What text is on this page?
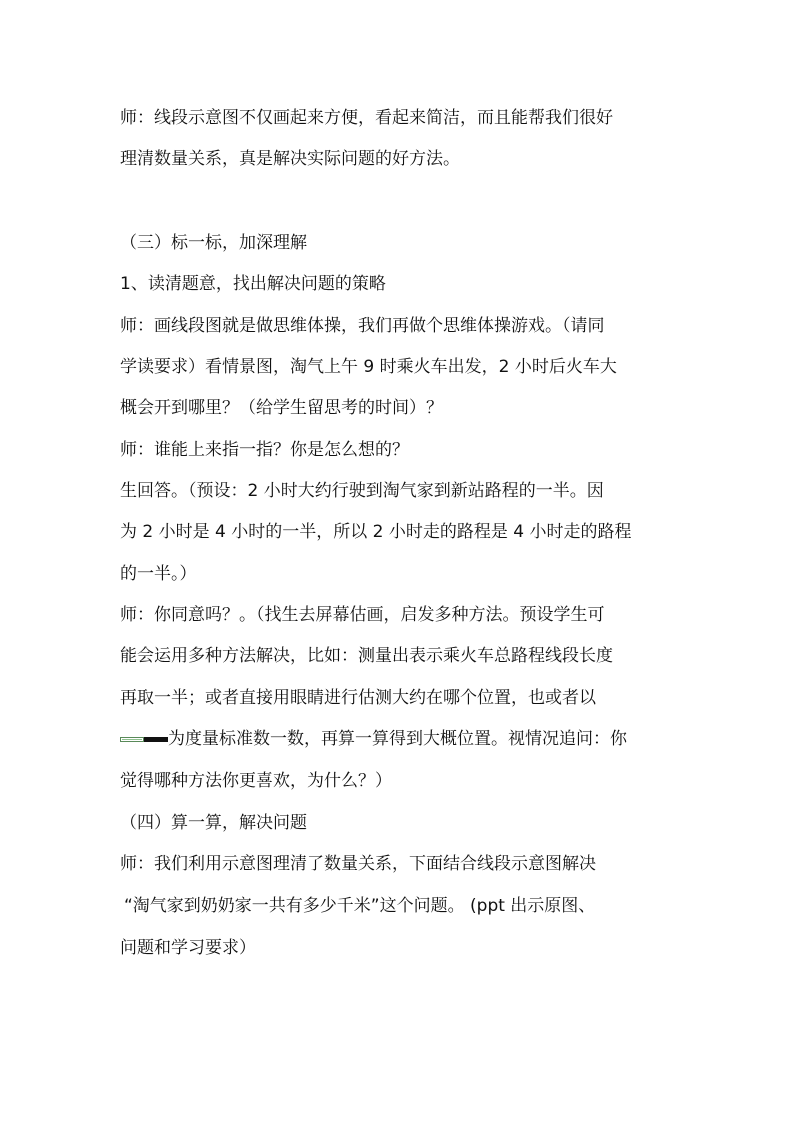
师：线段示意图不仅画起来方便，看起来简洁，而且能帮我们很好
理清数量关系，真是解决实际问题的好方法。
（三）标一标，加深理解
1、读清题意，找出解决问题的策略
师：画线段图就是做思维体操，我们再做个思维体操游戏。（请同
学读要求）看情景图，淘气上午 9 时乘火车出发，2 小时后火车大
概会开到哪里？（给学生留思考的时间）？
师：谁能上来指一指？你是怎么想的？
生回答。（预设：2 小时大约行驶到淘气家到新站路程的一半。因
为 2 小时是 4 小时的一半，所以 2 小时走的路程是 4 小时走的路程
的一半。）
师：你同意吗？。（找生去屏幕估画，启发多种方法。预设学生可
能会运用多种方法解决，比如：测量出表示乘火车总路程线段长度
再取一半；或者直接用眼睛进行估测大约在哪个位置，也或者以
为度量标准数一数，再算一算得到大概位置。视情况追问：你
觉得哪种方法你更喜欢，为什么？）
（四）算一算，解决问题
师：我们利用示意图理清了数量关系，下面结合线段示意图解决
“淘气家到奶奶家一共有多少千米”这个问题。 (ppt 出示原图、
问题和学习要求）
